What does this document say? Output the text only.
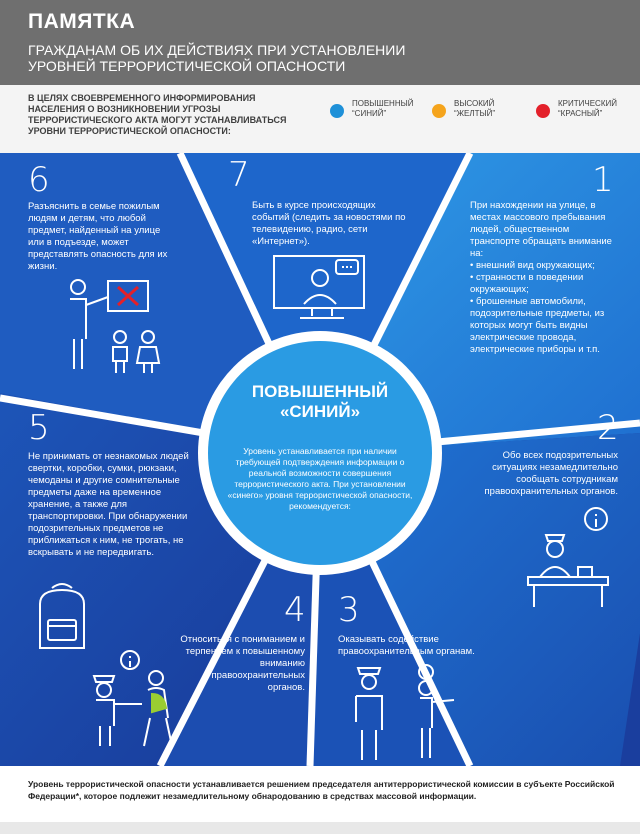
ПАМЯТКА
ГРАЖДАНАМ ОБ ИХ ДЕЙСТВИЯХ ПРИ УСТАНОВЛЕНИИ УРОВНЕЙ ТЕРРОРИСТИЧЕСКОЙ ОПАСНОСТИ
В ЦЕЛЯХ СВОЕВРЕМЕННОГО ИНФОРМИРОВАНИЯ НАСЕЛЕНИЯ О ВОЗНИКНОВЕНИИ УГРОЗЫ ТЕРРОРИСТИЧЕСКОГО АКТА МОГУТ УСТАНАВЛИВАТЬСЯ УРОВНИ ТЕРРОРИСТИЧЕСКОЙ ОПАСНОСТИ:
ПОВЫШЕННЫЙ
“СИНИЙ”
ВЫСОКИЙ
“ЖЕЛТЫЙ”
КРИТИЧЕСКИЙ
“КРАСНЫЙ”
6
Разъяснить в семье пожилым людям и детям, что любой предмет, найденный на улице или в подъезде, может представлять опасность для их жизни.
7
Быть в курсе происходящих событий (следить за новостями по телевидению, радио, сети «Интернет»).
1
При нахождении на улице, в местах массового пребывания людей, общественном транспорте обращать внимание на:
• внешний вид окружающих;
• странности в поведении окружающих;
• брошенные автомобили, подозрительные предметы, из которых могут быть видны электрические провода, электрические приборы и т.п.
2
Обо всех подозрительных ситуациях незамедлительно сообщать сотрудникам правоохранительных органов.
3
Оказывать содействие правоохранительным органам.
4
Относиться с пониманием и терпением к повышенному вниманию правоохранительных органов.
5
Не принимать от незнакомых людей свертки, коробки, сумки, рюкзаки, чемоданы и другие сомнительные предметы даже на временное хранение, а также для транспортировки. При обнаружении подозрительных предметов не приближаться к ним, не трогать, не вскрывать и не передвигать.
ПОВЫШЕННЫЙ
«СИНИЙ»
Уровень устанавливается при наличии требующей подтверждения информации о реальной возможности совершения террористического акта. При установлении «синего» уровня террористической опасности, рекомендуется:
Уровень террористической опасности устанавливается решением председателя антитеррористической комиссии в субъекте Российской Федерации*, которое подлежит незамедлительному обнародованию в средствах массовой информации.
